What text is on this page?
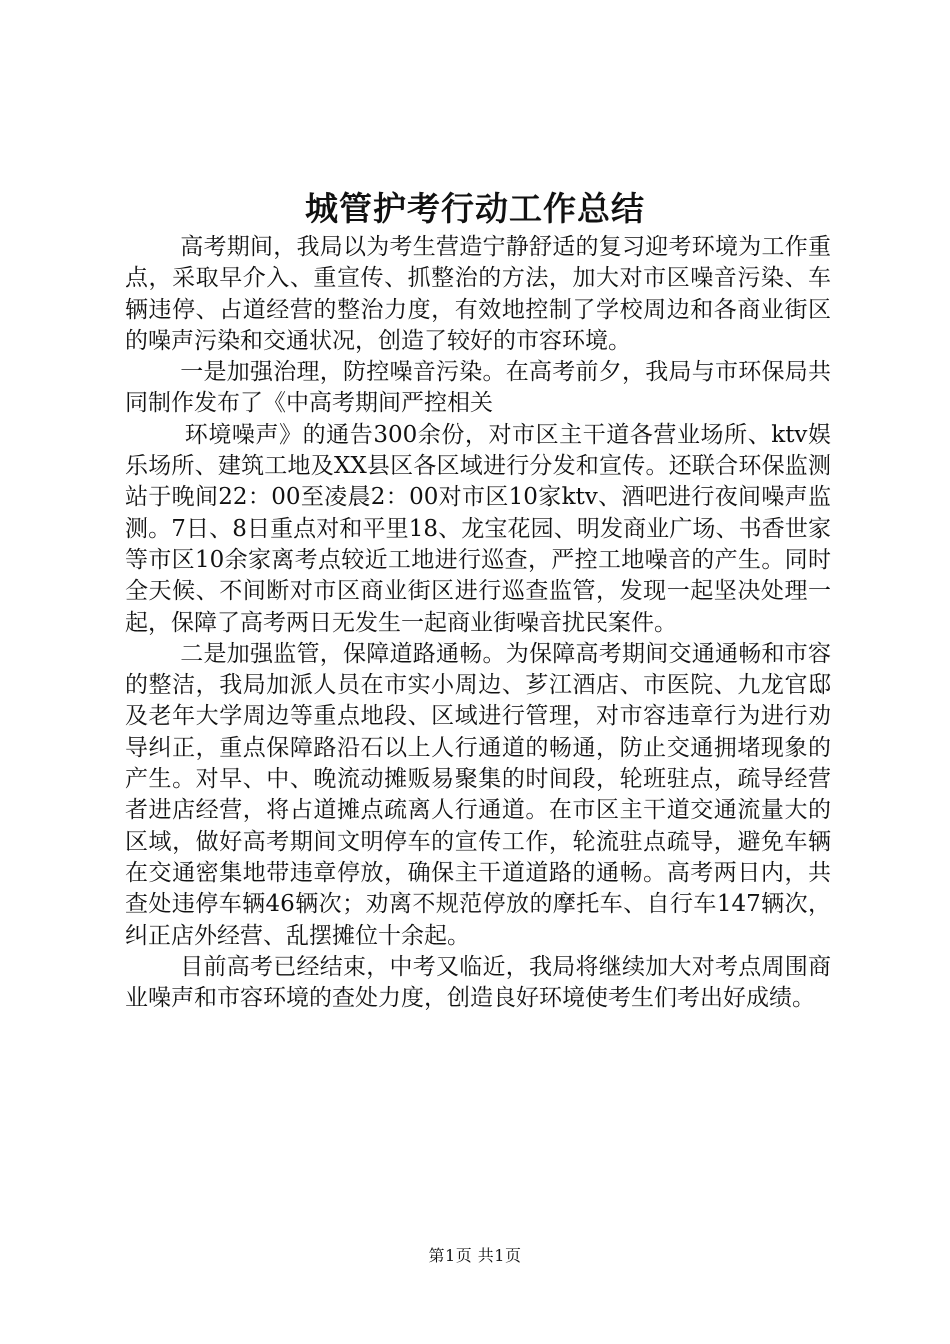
城管护考行动工作总结

高考期间，我局以为考生营造宁静舒适的复习迎考环境为工作重点，采取早介入、重宣传、抓整治的方法，加大对市区噪音污染、车辆违停、占道经营的整治力度，有效地控制了学校周边和各商业街区的噪声污染和交通状况，创造了较好的市容环境。

一是加强治理，防控噪音污染。在高考前夕，我局与市环保局共同制作发布了《中高考期间严控相关

环境噪声》的通告300余份，对市区主干道各营业场所、ktv娱乐场所、建筑工地及XX县区各区域进行分发和宣传。还联合环保监测站于晚间22：00至凌晨2：00对市区10家ktv、酒吧进行夜间噪声监测。7日、8日重点对和平里18、龙宝花园、明发商业广场、书香世家等市区10余家离考点较近工地进行巡查，严控工地噪音的产生。同时全天候、不间断对市区商业街区进行巡查监管，发现一起坚决处理一起，保障了高考两日无发生一起商业街噪音扰民案件。

二是加强监管，保障道路通畅。为保障高考期间交通通畅和市容的整洁，我局加派人员在市实小周边、芗江酒店、市医院、九龙官邸及老年大学周边等重点地段、区域进行管理，对市容违章行为进行劝导纠正，重点保障路沿石以上人行通道的畅通，防止交通拥堵现象的产生。对早、中、晚流动摊贩易聚集的时间段，轮班驻点，疏导经营者进店经营，将占道摊点疏离人行通道。在市区主干道交通流量大的区域，做好高考期间文明停车的宣传工作，轮流驻点疏导，避免车辆在交通密集地带违章停放，确保主干道道路的通畅。高考两日内，共查处违停车辆46辆次；劝离不规范停放的摩托车、自行车147辆次，纠正店外经营、乱摆摊位十余起。

目前高考已经结束，中考又临近，我局将继续加大对考点周围商业噪声和市容环境的查处力度，创造良好环境使考生们考出好成绩。

第1页 共1页
